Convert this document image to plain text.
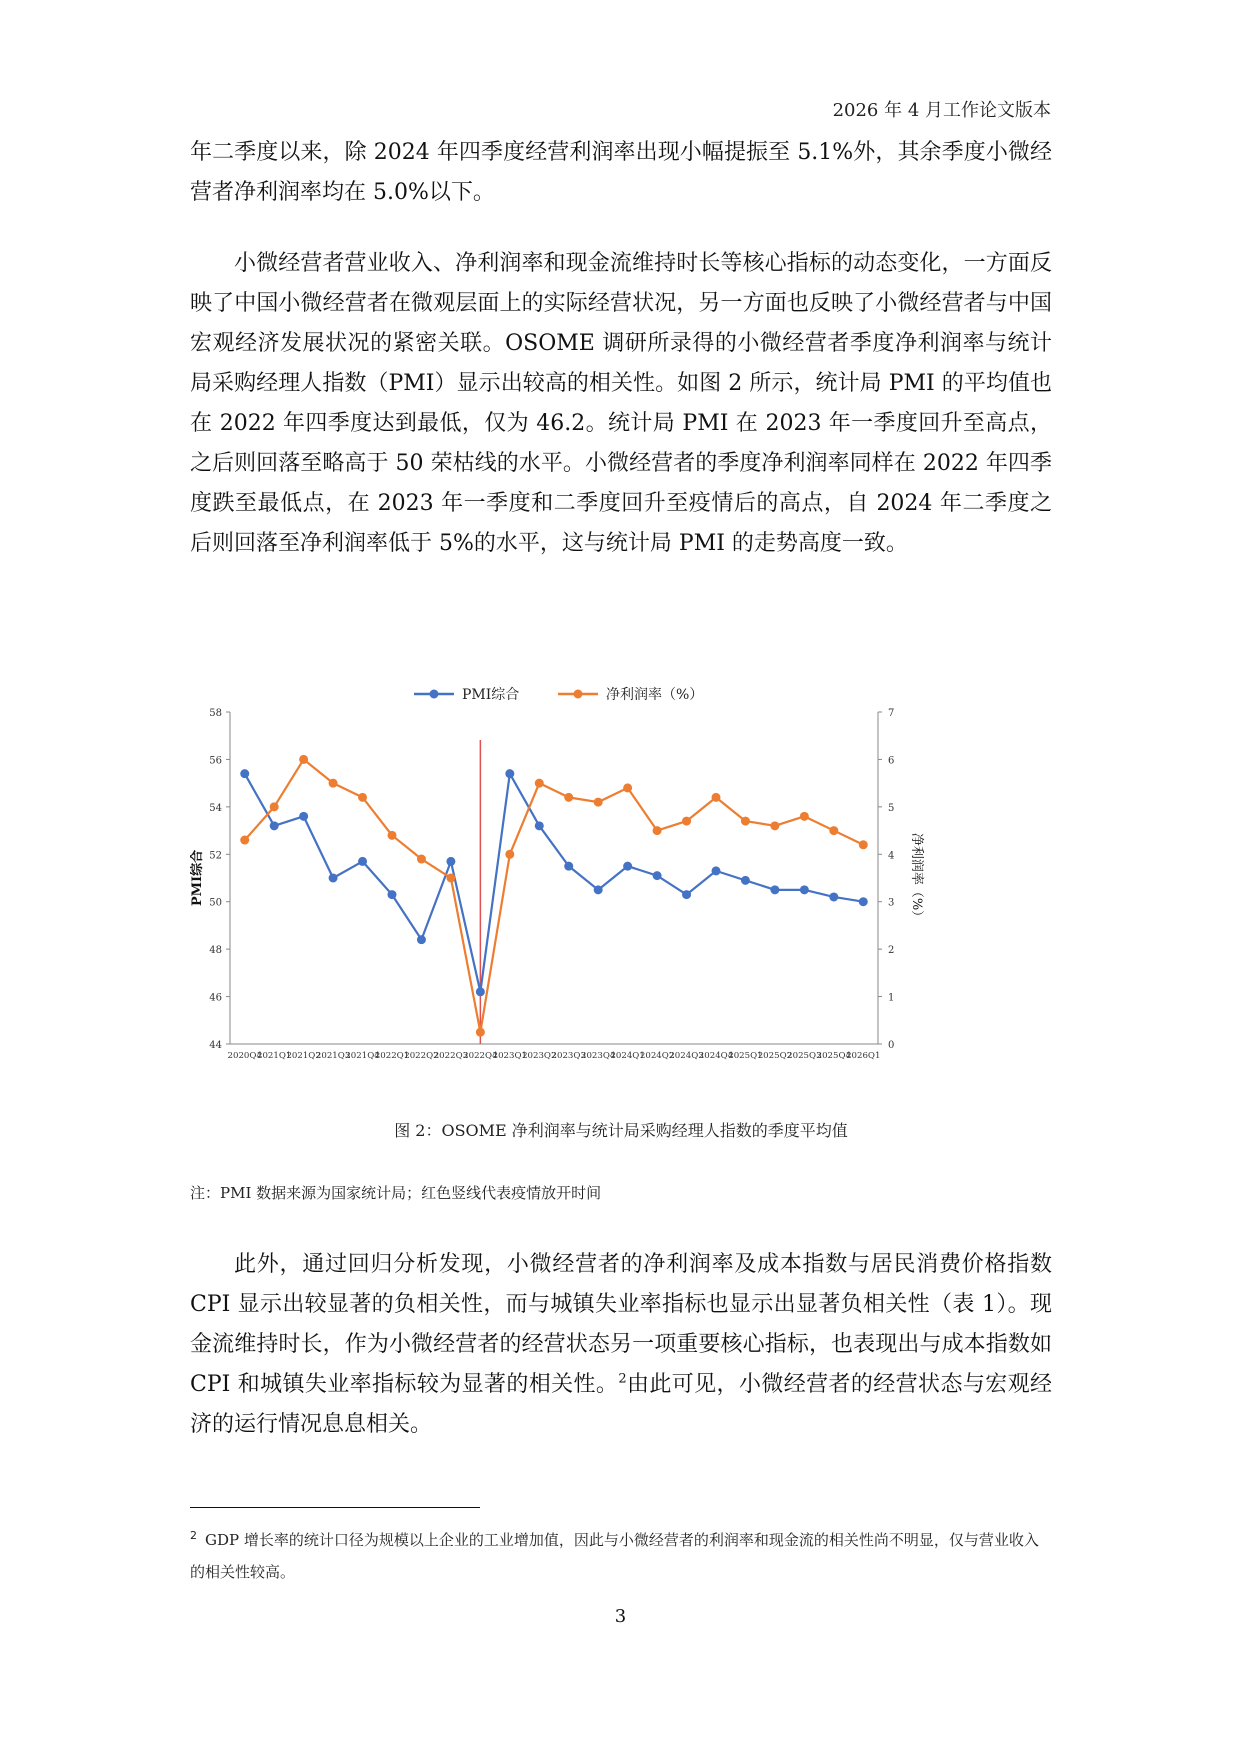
2026 年 4 月工作论文版本

年二季度以来，除 2024 年四季度经营利润率出现小幅提振至 5.1%外，其余季度小微经营者净利润率均在 5.0%以下。

小微经营者营业收入、净利润率和现金流维持时长等核心指标的动态变化，一方面反映了中国小微经营者在微观层面上的实际经营状况，另一方面也反映了小微经营者与中国宏观经济发展状况的紧密关联。OSOME 调研所录得的小微经营者季度净利润率与统计局采购经理人指数（PMI）显示出较高的相关性。如图 2 所示，统计局 PMI 的平均值也在 2022 年四季度达到最低，仅为 46.2。统计局 PMI 在 2023 年一季度回升至高点，之后则回落至略高于 50 荣枯线的水平。小微经营者的季度净利润率同样在 2022 年四季度跌至最低点，在 2023 年一季度和二季度回升至疫情后的高点，自 2024 年二季度之后则回落至净利润率低于 5%的水平，这与统计局 PMI 的走势高度一致。

PMI综合	净利润率（%）
44
46
48
50
52
54
56
58
0
1
2
3
4
5
6
7
2020Q4
2021Q1
2021Q2
2021Q3
2021Q4
2022Q1
2022Q2
2022Q3
2022Q4
2023Q1
2023Q2
2023Q3
2023Q4
2024Q1
2024Q2
2024Q3
2024Q4
2025Q1
2025Q2
2025Q3
2025Q4
2026Q1
PMI综合	净利润率（%）
图 2：OSOME 净利润率与统计局采购经理人指数的季度平均值
注：PMI 数据来源为国家统计局；红色竖线代表疫情放开时间

此外，通过回归分析发现，小微经营者的净利润率及成本指数与居民消费价格指数 CPI 显示出较显著的负相关性，而与城镇失业率指标也显示出显著负相关性（表 1）。现金流维持时长，作为小微经营者的经营状态另一项重要核心指标，也表现出与成本指数如 CPI 和城镇失业率指标较为显著的相关性。$^2$由此可见，小微经营者的经营状态与宏观经济的运行情况息息相关。

$^2$ GDP 增长率的统计口径为规模以上企业的工业增加值，因此与小微经营者的利润率和现金流的相关性尚不明显，仅与营业收入的相关性较高。
3
